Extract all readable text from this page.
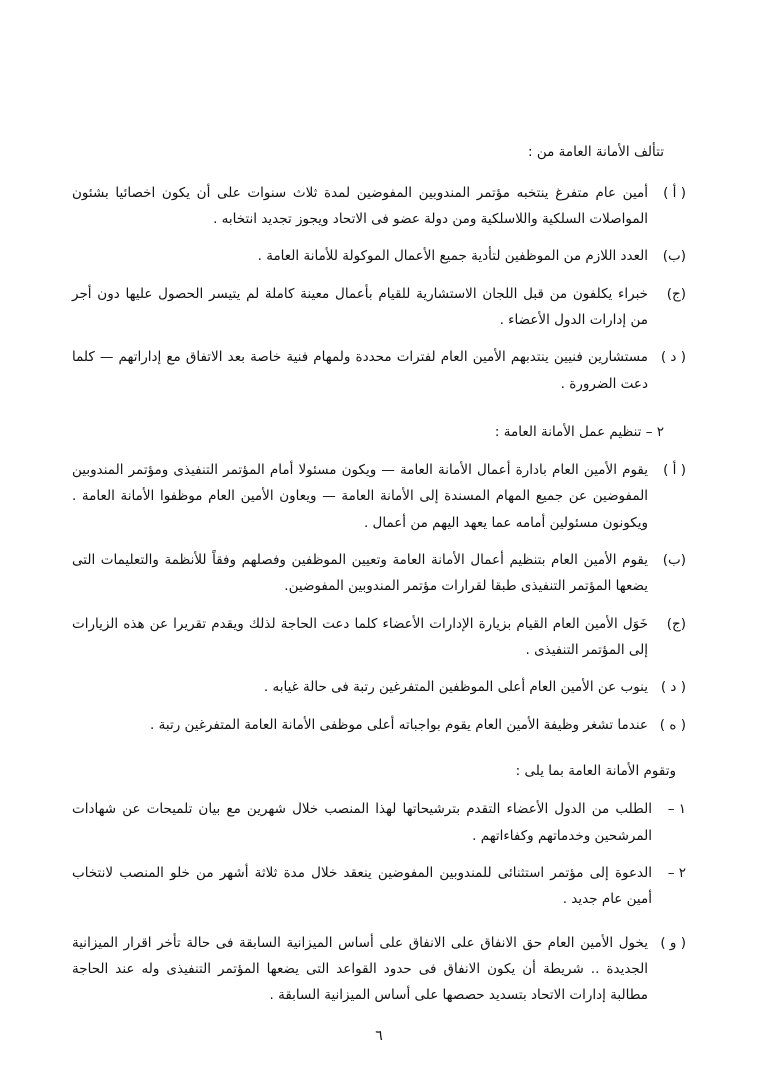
تتألف الأمانة العامة من :

( أ )
أمين عام متفرغ ينتخبه مؤتمر المندوبين المفوضين لمدة ثلاث سنوات على أن يكون اخصائيا بشئون المواصلات السلكية واللاسلكية ومن دولة عضو فى الاتحاد ويجوز تجديد انتخابه .
(ب)
العدد اللازم من الموظفين لتأدية جميع الأعمال الموكولة للأمانة العامة .
(ج)
خبراء يكلفون من قبل اللجان الاستشارية للقيام بأعمال معينة كاملة لم يتيسر الحصول عليها دون أجر من إدارات الدول الأعضاء .
( د )
مستشارين فنيين ينتدبهم الأمين العام لفترات محددة ولمهام فنية خاصة بعد الاتفاق مع إداراتهم — كلما دعت الضرورة .

٢ – تنظيم عمل الأمانة العامة :

( أ )
يقوم الأمين العام بادارة أعمال الأمانة العامة — ويكون مسئولا أمام المؤتمر التنفيذى ومؤتمر المندوبين المفوضين عن جميع المهام المسندة إلى الأمانة العامة — ويعاون الأمين العام موظفوا الأمانة العامة . ويكونون مسئولين أمامه عما يعهد اليهم من أعمال .
(ب)
يقوم الأمين العام بتنظيم أعمال الأمانة العامة وتعيين الموظفين وفصلهم وفقاً للأنظمة والتعليمات التى يضعها المؤتمر التنفيذى طبقا لقرارات مؤتمر المندوبين المفوضين.
(ج)
خَوَل الأمين العام القيام بزيارة الإدارات الأعضاء كلما دعت الحاجة لذلك ويقدم تقريرا عن هذه الزيارات إلى المؤتمر التنفيذى .
( د )
ينوب عن الأمين العام أعلى الموظفين المتفرغين رتبة فى حالة غيابه .
( ه )
عندما تشغر وظيفة الأمين العام يقوم بواجباته أعلى موظفى الأمانة العامة المتفرغين رتبة .

وتقوم الأمانة العامة بما يلى :

١ –
الطلب من الدول الأعضاء التقدم بترشيحاتها لهذا المنصب خلال شهرين مع بيان تلميحات عن شهادات المرشحين وخدماتهم وكفاءاتهم .
٢ –
الدعوة إلى مؤتمر استثنائى للمندوبين المفوضين ينعقد خلال مدة ثلاثة أشهر من خلو المنصب لانتخاب أمين عام جديد .
( و )
يخول الأمين العام حق الانفاق على الانفاق على أساس الميزانية السابقة فى حالة تأخر اقرار الميزانية الجديدة .. شريطة أن يكون الانفاق فى حدود القواعد التى يضعها المؤتمر التنفيذى وله عند الحاجة مطالبة إدارات الاتحاد بتسديد حصصها على أساس الميزانية السابقة .
٦
